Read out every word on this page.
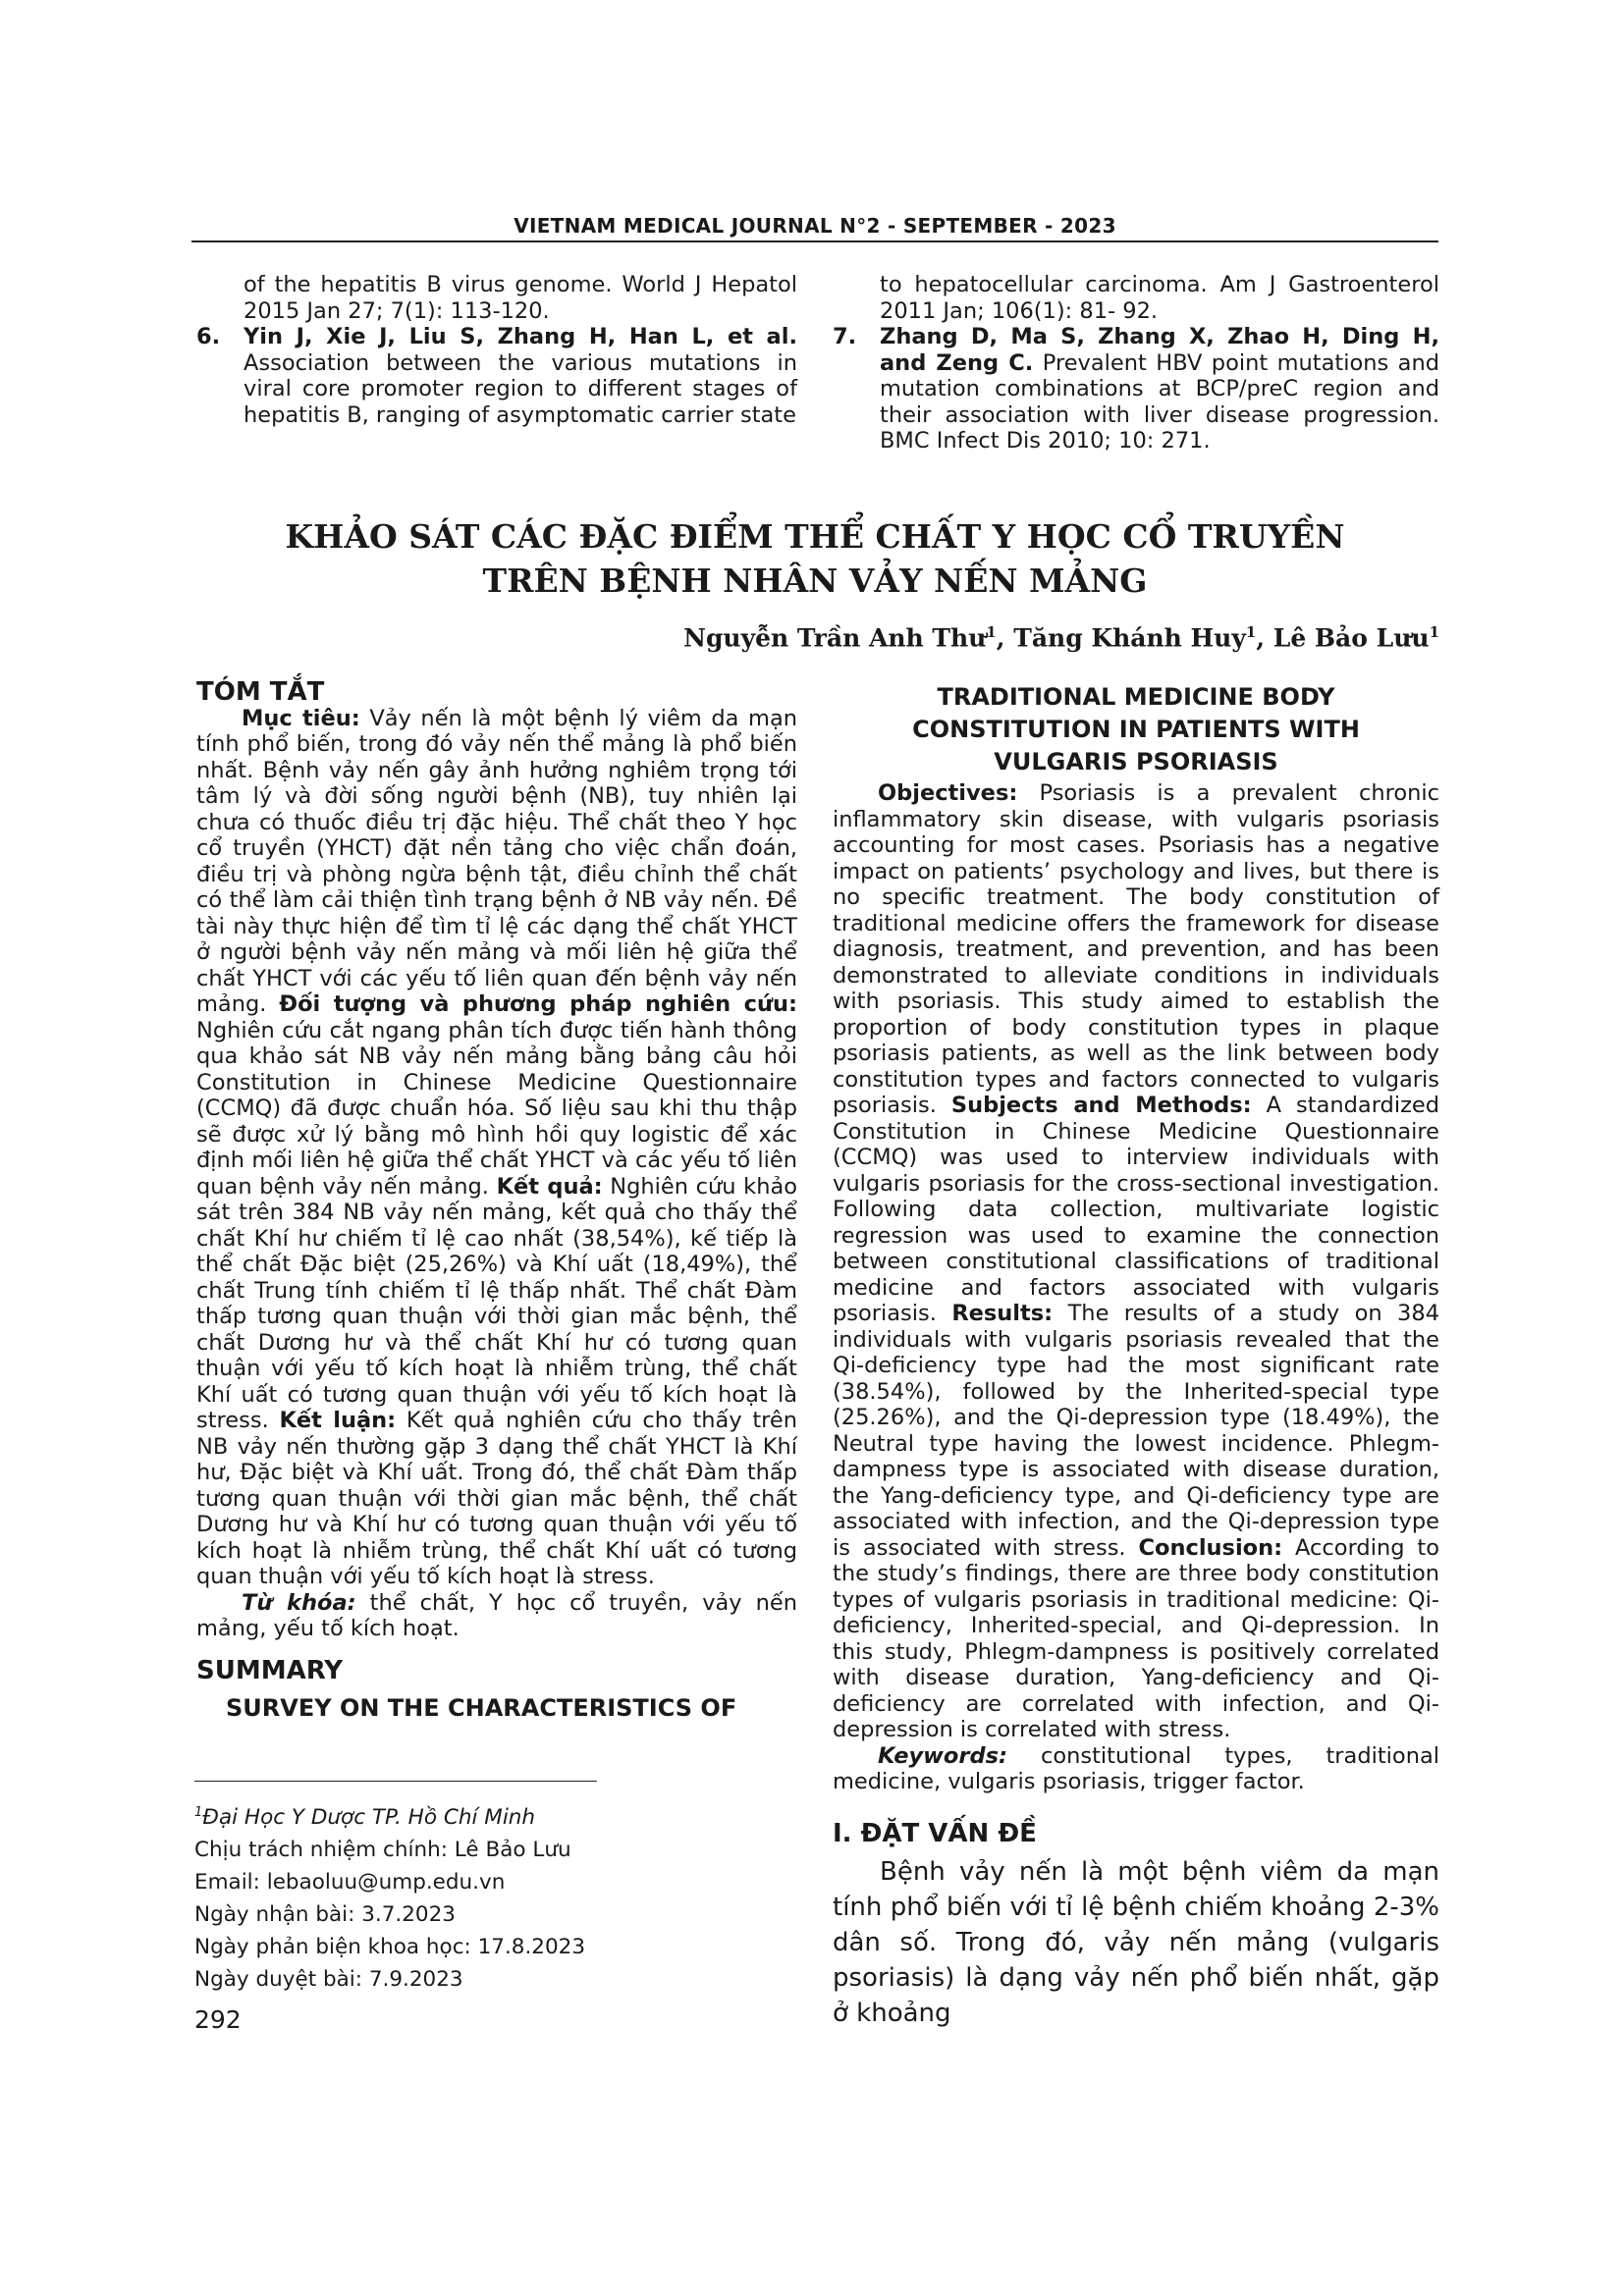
VIETNAM MEDICAL JOURNAL N°2 - SEPTEMBER - 2023
of the hepatitis B virus genome. World J Hepatol 2015 Jan 27; 7(1): 113-120.
6.	Yin J, Xie J, Liu S, Zhang H, Han L, et al. Association between the various mutations in viral core promoter region to different stages of hepatitis B, ranging of asymptomatic carrier state
to hepatocellular carcinoma. Am J Gastroenterol 2011 Jan; 106(1): 81- 92.
7.	Zhang D, Ma S, Zhang X, Zhao H, Ding H, and Zeng C. Prevalent HBV point mutations and mutation combinations at BCP/preC region and their association with liver disease progression. BMC Infect Dis 2010; 10: 271.
KHẢO SÁT CÁC ĐẶC ĐIỂM THỂ CHẤT Y HỌC CỔ TRUYỀN
TRÊN BỆNH NHÂN VẢY NẾN MẢNG
Nguyễn Trần Anh Thư$^1$, Tăng Khánh Huy$^1$, Lê Bảo Lưu$^1$
TÓM TẮT

Mục tiêu: Vảy nến là một bệnh lý viêm da mạn tính phổ biến, trong đó vảy nến thể mảng là phổ biến nhất. Bệnh vảy nến gây ảnh hưởng nghiêm trọng tới tâm lý và đời sống người bệnh (NB), tuy nhiên lại chưa có thuốc điều trị đặc hiệu. Thể chất theo Y học cổ truyền (YHCT) đặt nền tảng cho việc chẩn đoán, điều trị và phòng ngừa bệnh tật, điều chỉnh thể chất có thể làm cải thiện tình trạng bệnh ở NB vảy nến. Đề tài này thực hiện để tìm tỉ lệ các dạng thể chất YHCT ở người bệnh vảy nến mảng và mối liên hệ giữa thể chất YHCT với các yếu tố liên quan đến bệnh vảy nến mảng. Đối tượng và phương pháp nghiên cứu: Nghiên cứu cắt ngang phân tích được tiến hành thông qua khảo sát NB vảy nến mảng bằng bảng câu hỏi Constitution in Chinese Medicine Questionnaire (CCMQ) đã được chuẩn hóa. Số liệu sau khi thu thập sẽ được xử lý bằng mô hình hồi quy logistic để xác định mối liên hệ giữa thể chất YHCT và các yếu tố liên quan bệnh vảy nến mảng. Kết quả: Nghiên cứu khảo sát trên 384 NB vảy nến mảng, kết quả cho thấy thể chất Khí hư chiếm tỉ lệ cao nhất (38,54%), kế tiếp là thể chất Đặc biệt (25,26%) và Khí uất (18,49%), thể chất Trung tính chiếm tỉ lệ thấp nhất. Thể chất Đàm thấp tương quan thuận với thời gian mắc bệnh, thể chất Dương hư và thể chất Khí hư có tương quan thuận với yếu tố kích hoạt là nhiễm trùng, thể chất Khí uất có tương quan thuận với yếu tố kích hoạt là stress. Kết luận: Kết quả nghiên cứu cho thấy trên NB vảy nến thường gặp 3 dạng thể chất YHCT là Khí hư, Đặc biệt và Khí uất. Trong đó, thể chất Đàm thấp tương quan thuận với thời gian mắc bệnh, thể chất Dương hư và Khí hư có tương quan thuận với yếu tố kích hoạt là nhiễm trùng, thể chất Khí uất có tương quan thuận với yếu tố kích hoạt là stress.

Từ khóa: thể chất, Y học cổ truyền, vảy nến mảng, yếu tố kích hoạt.

SUMMARY
SURVEY ON THE CHARACTERISTICS OF
TRADITIONAL MEDICINE BODY
CONSTITUTION IN PATIENTS WITH
VULGARIS PSORIASIS

Objectives: Psoriasis is a prevalent chronic inflammatory skin disease, with vulgaris psoriasis accounting for most cases. Psoriasis has a negative impact on patients’ psychology and lives, but there is no specific treatment. The body constitution of traditional medicine offers the framework for disease diagnosis, treatment, and prevention, and has been demonstrated to alleviate conditions in individuals with psoriasis. This study aimed to establish the proportion of body constitution types in plaque psoriasis patients, as well as the link between body constitution types and factors connected to vulgaris psoriasis. Subjects and Methods: A standardized Constitution in Chinese Medicine Questionnaire (CCMQ) was used to interview individuals with vulgaris psoriasis for the cross-sectional investigation. Following data collection, multivariate logistic regression was used to examine the connection between constitutional classifications of traditional medicine and factors associated with vulgaris psoriasis. Results: The results of a study on 384 individuals with vulgaris psoriasis revealed that the Qi-deficiency type had the most significant rate (38.54%), followed by the Inherited-special type (25.26%), and the Qi-depression type (18.49%), the Neutral type having the lowest incidence. Phlegm-dampness type is associated with disease duration, the Yang-deficiency type, and Qi-deficiency type are associated with infection, and the Qi-depression type is associated with stress. Conclusion: According to the study’s findings, there are three body constitution types of vulgaris psoriasis in traditional medicine: Qi-deficiency, Inherited-special, and Qi-depression. In this study, Phlegm-dampness is positively correlated with disease duration, Yang-deficiency and Qi-deficiency are correlated with infection, and Qi-depression is correlated with stress.

Keywords: constitutional types, traditional medicine, vulgaris psoriasis, trigger factor.

I. ĐẶT VẤN ĐỀ

Bệnh vảy nến là một bệnh viêm da mạn tính phổ biến với tỉ lệ bệnh chiếm khoảng 2-3% dân số. Trong đó, vảy nến mảng (vulgaris psoriasis) là dạng vảy nến phổ biến nhất, gặp ở khoảng

$^1$Đại Học Y Dược TP. Hồ Chí Minh
Chịu trách nhiệm chính: Lê Bảo Lưu
Email: lebaoluu@ump.edu.vn
Ngày nhận bài: 3.7.2023
Ngày phản biện khoa học: 17.8.2023
Ngày duyệt bài: 7.9.2023
292
